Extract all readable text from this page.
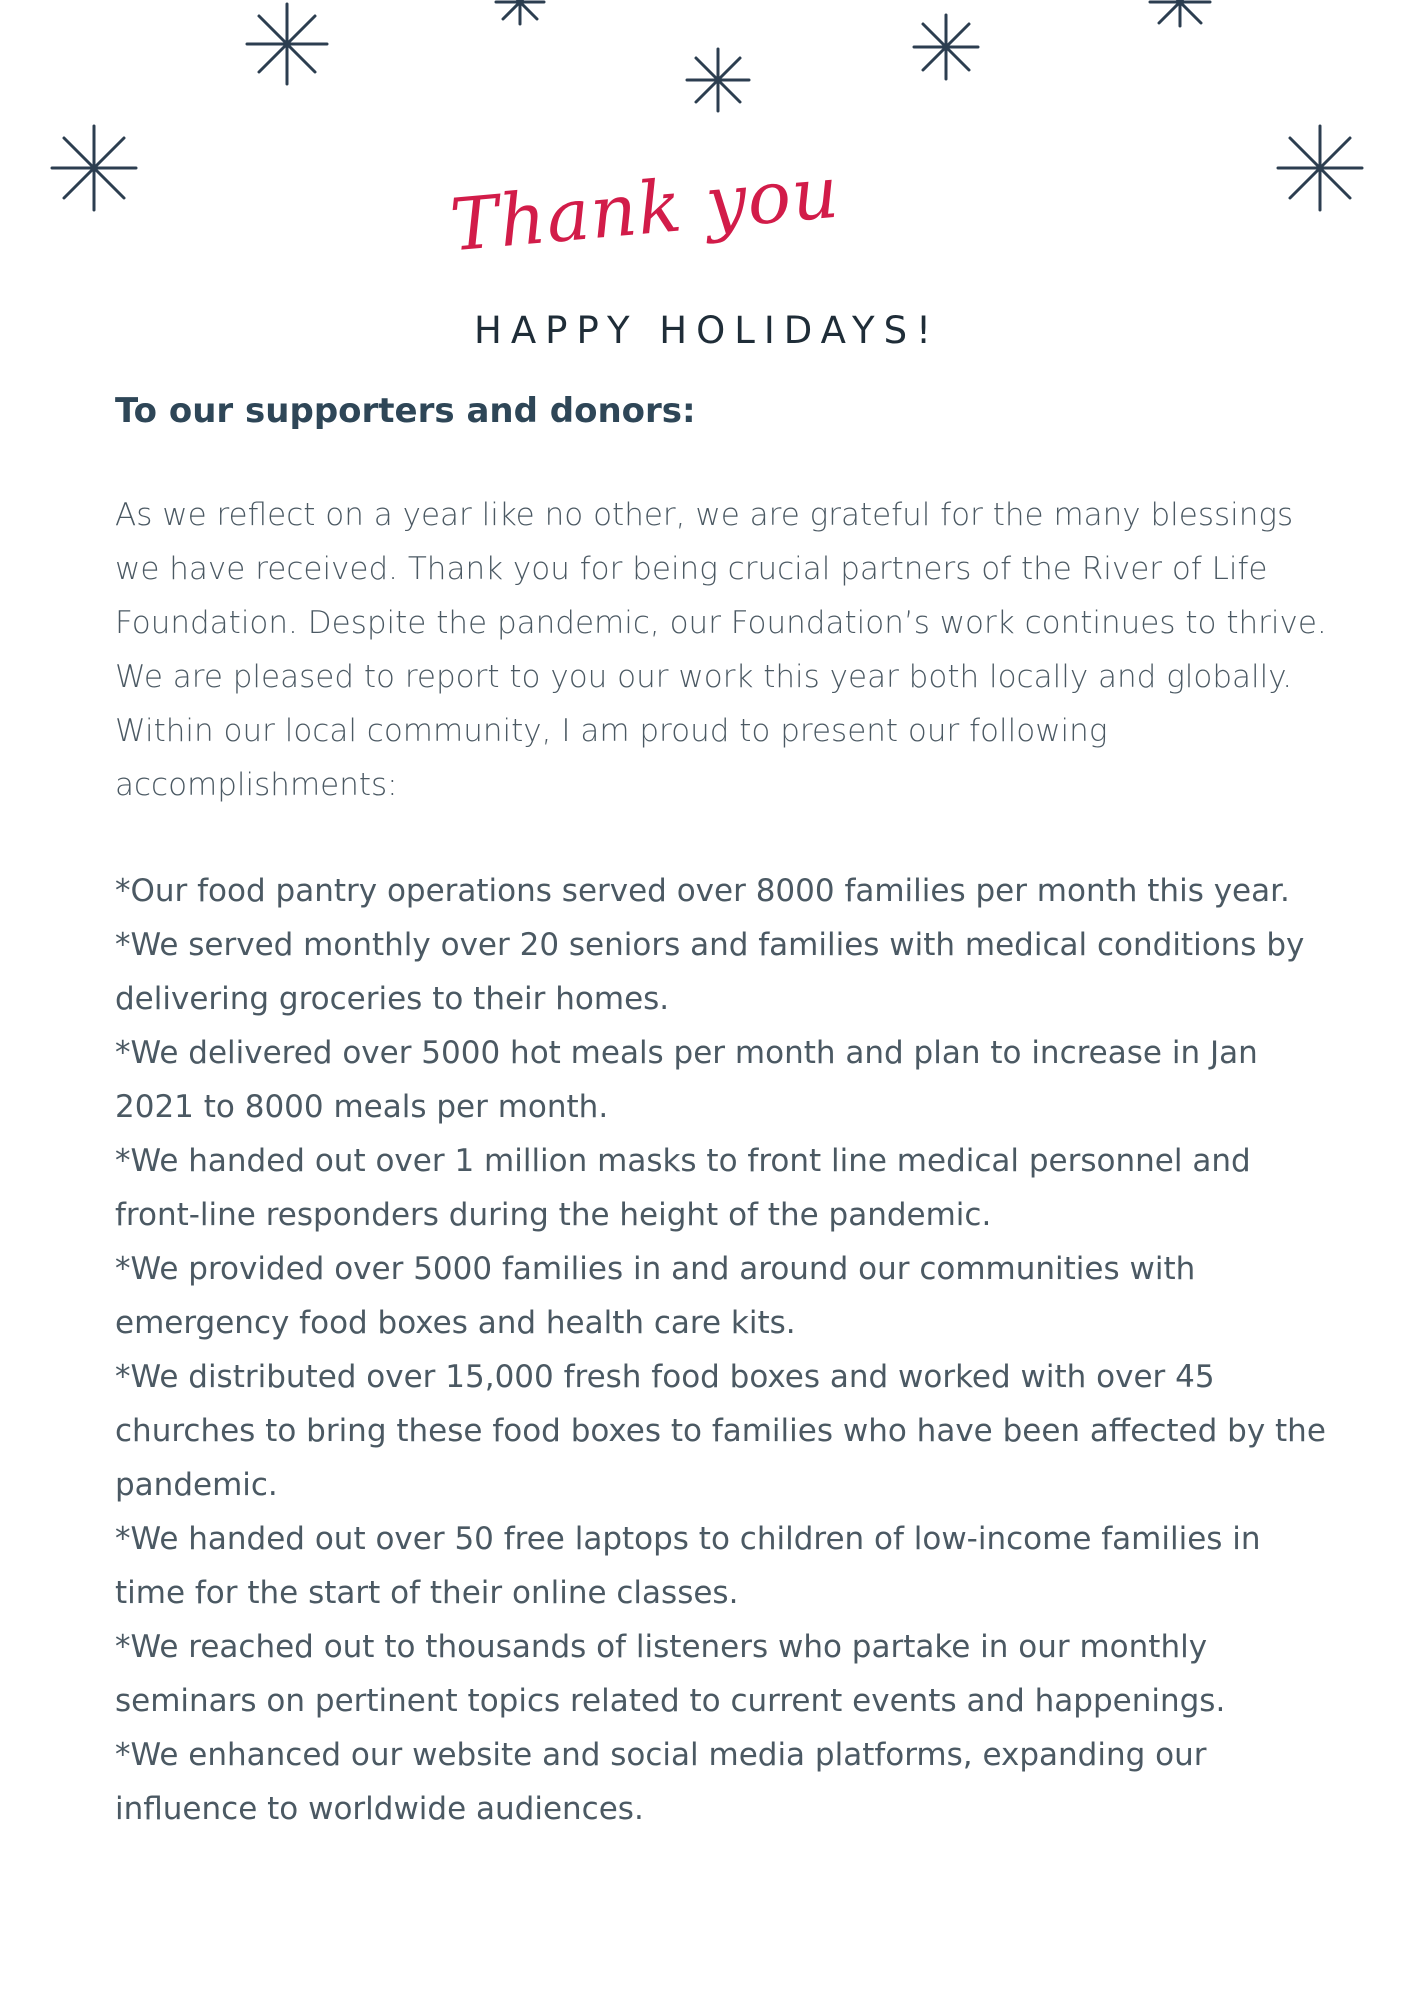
Thank you
HAPPY HOLIDAYS!

To our supporters and donors:

As we reflect on a year like no other, we are grateful for the many blessings we have received. Thank you for being crucial partners of the River of Life Foundation. Despite the pandemic, our Foundation’s work continues to thrive. We are pleased to report to you our work this year both locally and globally. Within our local community, I am proud to present our following accomplishments:

*Our food pantry operations served over 8000 families per month this year.
*We served monthly over 20 seniors and families with medical conditions by delivering groceries to their homes.
*We delivered over 5000 hot meals per month and plan to increase in Jan 2021 to 8000 meals per month.
*We handed out over 1 million masks to front line medical personnel and front-line responders during the height of the pandemic.
*We provided over 5000 families in and around our communities with emergency food boxes and health care kits.
*We distributed over 15,000 fresh food boxes and worked with over 45 churches to bring these food boxes to families who have been affected by the pandemic.
*We handed out over 50 free laptops to children of low-income families in time for the start of their online classes.
*We reached out to thousands of listeners who partake in our monthly seminars on pertinent topics related to current events and happenings.
*We enhanced our website and social media platforms, expanding our influence to worldwide audiences.
